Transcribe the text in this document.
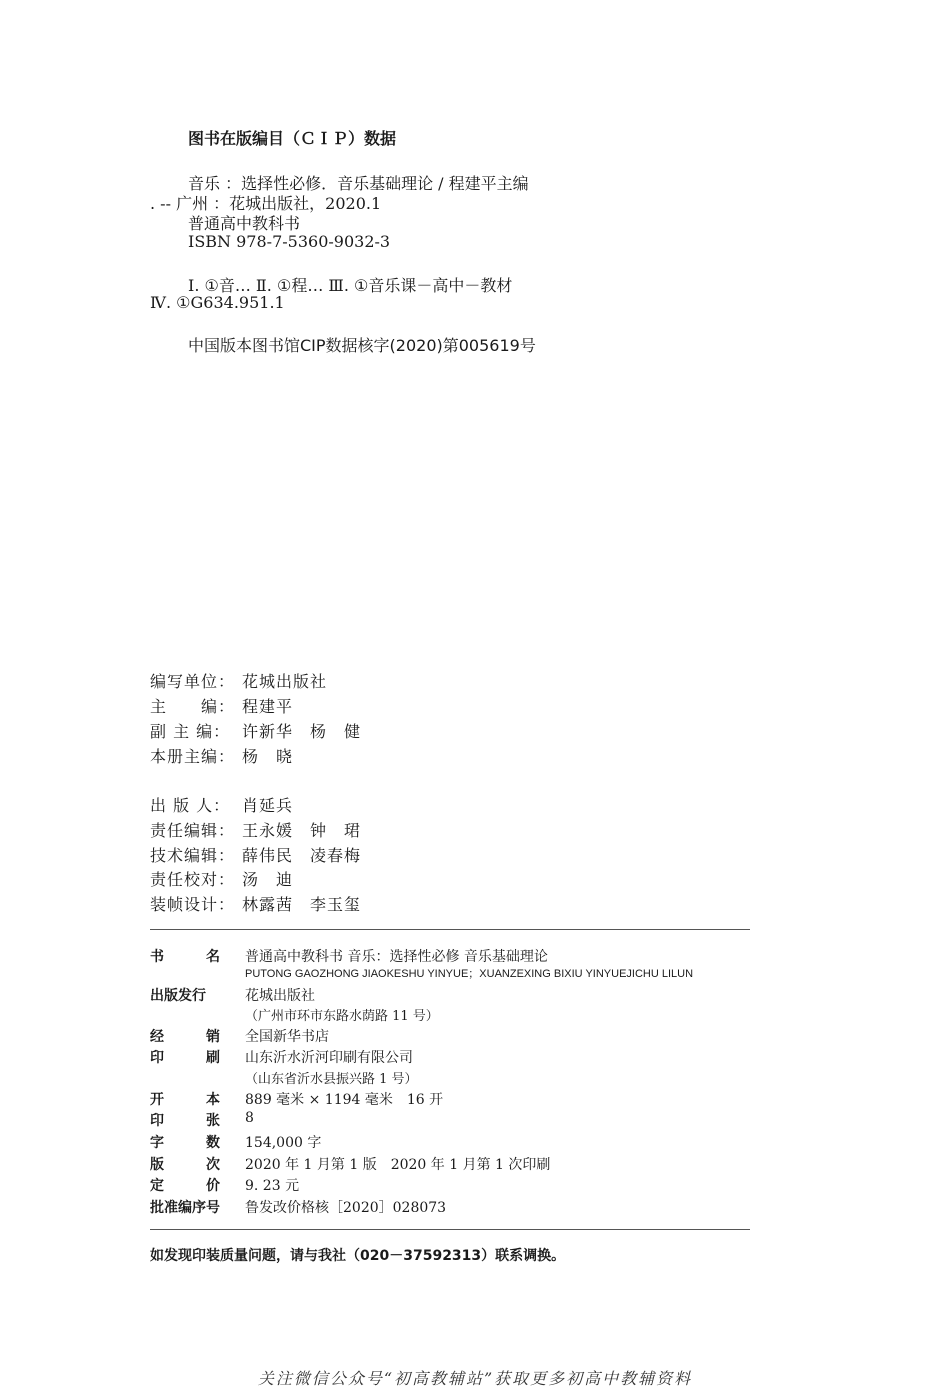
图书在版编目（ＣＩＰ）数据
音乐 ：选择性必修．音乐基础理论 / 程建平主编
. -- 广州 ：花城出版社，2020.1
普通高中教科书
ISBN 978-7-5360-9032-3
Ⅰ. ①音… Ⅱ. ①程… Ⅲ. ①音乐课－高中－教材
Ⅳ. ①G634.951.1
中国版本图书馆CIP数据核字(2020)第005619号
编写单位： 花城出版社
主　　编： 程建平
副 主 编： 许新华　杨　健
本册主编： 杨　晓
出 版 人： 肖延兵
责任编辑： 王永媛　钟　珺
技术编辑： 薛伟民　凌春梅
责任校对： 汤　迪
装帧设计： 林露茜　李玉玺
书　　　名	普通高中教科书 音乐：选择性必修 音乐基础理论
PUTONG GAOZHONG JIAOKESHU YINYUE；XUANZEXING BIXIU YINYUEJICHU LILUN
出版发行	花城出版社
（广州市环市东路水荫路 11 号）
经　　　销	全国新华书店
印　　　刷	山东沂水沂河印刷有限公司
（山东省沂水县振兴路 1 号）
开　　　本	889 毫米 × 1194 毫米　16 开
印　　　张	8
字　　　数	154,000 字
版　　　次	2020 年 1 月第 1 版　2020 年 1 月第 1 次印刷
定　　　价	9. 23 元
批准编序号	鲁发改价格核［2020］028073
如发现印装质量问题，请与我社（020－37592313）联系调换。
关注微信公众号“初高教辅站”获取更多初高中教辅资料
